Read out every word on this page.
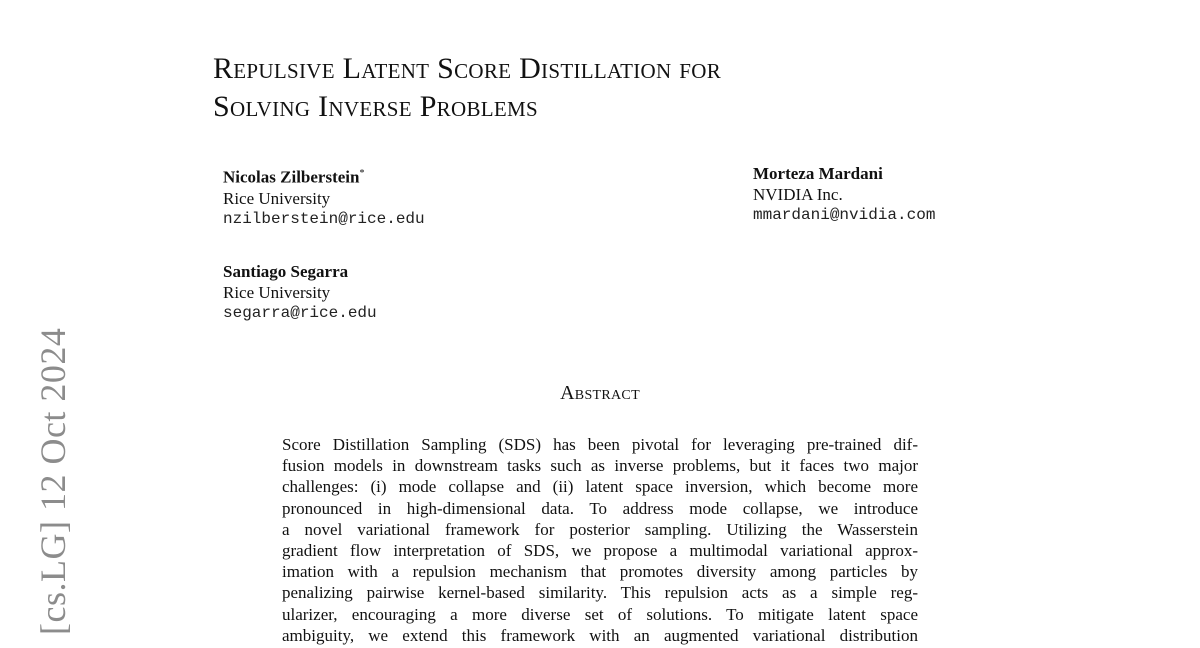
[cs.LG] 12 Oct 2024
Repulsive Latent Score Distillation for
Solving Inverse Problems
Nicolas Zilberstein*
Rice University
nzilberstein@rice.edu
Morteza Mardani
NVIDIA Inc.
mmardani@nvidia.com
Santiago Segarra
Rice University
segarra@rice.edu
Abstract
Score Distillation Sampling (SDS) has been pivotal for leveraging pre-trained dif-
fusion models in downstream tasks such as inverse problems, but it faces two major
challenges: (i) mode collapse and (ii) latent space inversion, which become more
pronounced in high-dimensional data. To address mode collapse, we introduce
a novel variational framework for posterior sampling. Utilizing the Wasserstein
gradient flow interpretation of SDS, we propose a multimodal variational approx-
imation with a repulsion mechanism that promotes diversity among particles by
penalizing pairwise kernel-based similarity. This repulsion acts as a simple reg-
ularizer, encouraging a more diverse set of solutions. To mitigate latent space
ambiguity, we extend this framework with an augmented variational distribution
